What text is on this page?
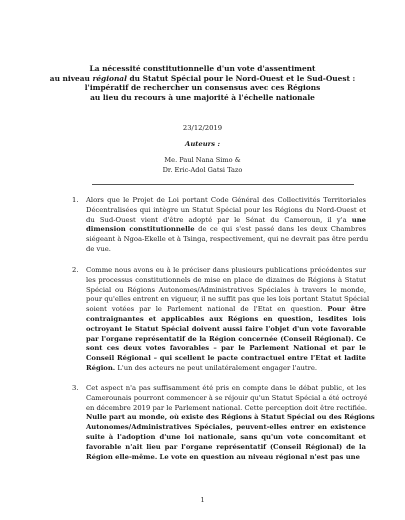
La nécessité constitutionnelle d'un vote d'assentiment
au niveau régional du Statut Spécial pour le Nord-Ouest et le Sud-Ouest :
l'impératif de rechercher un consensus avec ces Régions
au lieu du recours à une majorité à l'échelle nationale
23/12/2019
Auteurs :
Me. Paul Nana Simo &
Dr. Eric-Adol Gatsi Tazo
1. Alors que le Projet de Loi portant Code Général des Collectivités Territoriales
Décentralisées qui intègre un Statut Spécial pour les Régions du Nord-Ouest et
du Sud-Ouest vient d'être adopté par le Sénat du Cameroun, il y'a une
dimension constitutionnelle de ce qui s'est passé dans les deux Chambres
siégeant à Ngoa-Ekelle et à Tsinga, respectivement, qui ne devrait pas être perdu
de vue.
2. Comme nous avons eu à le préciser dans plusieurs publications précédentes sur
les processus constitutionnels de mise en place de dizaines de Régions à Statut
Spécial ou Régions Autonomes/Administratives Spéciales à travers le monde,
pour qu'elles entrent en vigueur, il ne suffit pas que les lois portant Statut Spécial
soient votées par le Parlement national de l'Etat en question. Pour être
contraignantes et applicables aux Régions en question, lesdites lois
octroyant le Statut Spécial doivent aussi faire l'objet d'un vote favorable
par l'organe représentatif de la Région concernée (Conseil Régional). Ce
sont ces deux votes favorables – par le Parlement National et par le
Conseil Régional – qui scellent le pacte contractuel entre l'Etat et ladite
Région. L'un des acteurs ne peut unilatéralement engager l'autre.
3. Cet aspect n'a pas suffisamment été pris en compte dans le débat public, et les
Camerounais pourront commencer à se réjouir qu'un Statut Spécial a été octroyé
en décembre 2019 par le Parlement national. Cette perception doit être rectifiée.
Nulle part au monde, où existe des Régions à Statut Spécial ou des Régions
Autonomes/Administratives Spéciales, peuvent-elles entrer en existence
suite à l'adoption d'une loi nationale, sans qu'un vote concomitant et
favorable n'ait lieu par l'organe représentatif (Conseil Régional) de la
Région elle-même. Le vote en question au niveau régional n'est pas une
1
